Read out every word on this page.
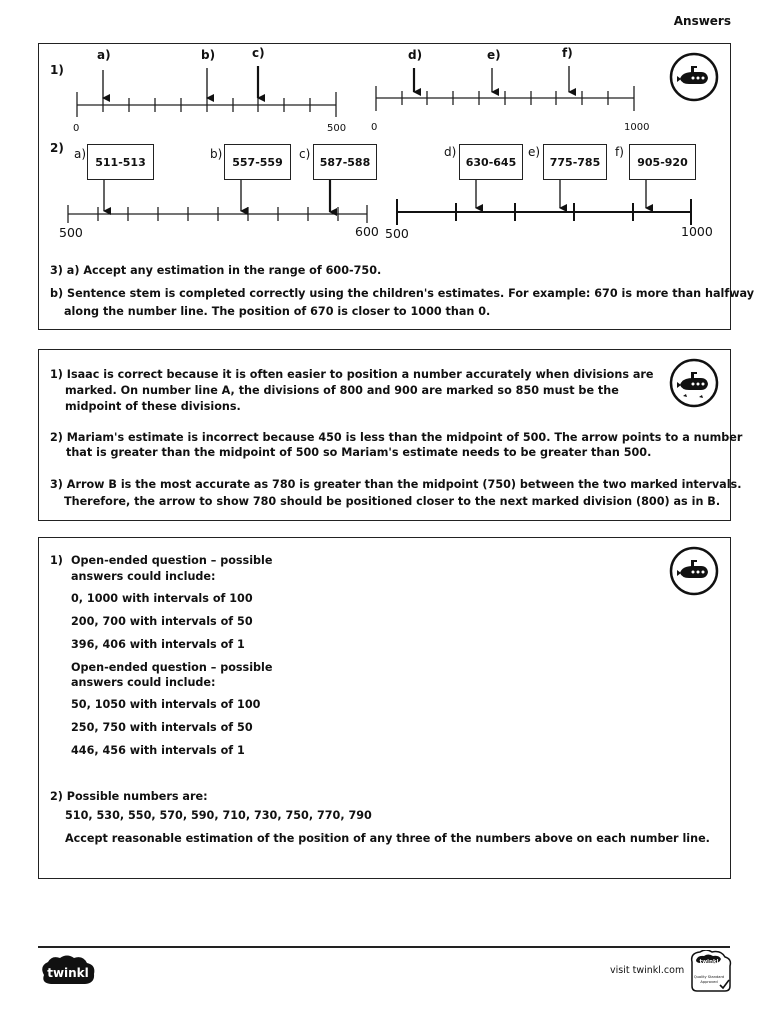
Answers
1)
a)	b)	c)	d)	e)	f)
0	500 0	1000
2) a)
511-513
b)
557-559
c)
587-588
d)
630-645
e)
775-785
f)
905-920
500	600 500	1000
3) a) Accept any estimation in the range of 600-750.
b) Sentence stem is completed correctly using the children's estimates. For example: 670 is more than halfway
along the number line. The position of 670 is closer to 1000 than 0.
1) Isaac is correct because it is often easier to position a number accurately when divisions are
marked. On number line A, the divisions of 800 and 900 are marked so 850 must be the
midpoint of these divisions.
2) Mariam's estimate is incorrect because 450 is less than the midpoint of 500. The arrow points to a number
that is greater than the midpoint of 500 so Mariam's estimate needs to be greater than 500.
3) Arrow B is the most accurate as 780 is greater than the midpoint (750) between the two marked intervals.
Therefore, the arrow to show 780 should be positioned closer to the next marked division (800) as in B.
1) Open-ended question – possible
answers could include:
0, 1000 with intervals of 100
200, 700 with intervals of 50
396, 406 with intervals of 1
Open-ended question – possible
answers could include:
50, 1050 with intervals of 100
250, 750 with intervals of 50
446, 456 with intervals of 1
2) Possible numbers are:
510, 530, 550, 570, 590, 710, 730, 750, 770, 790
Accept reasonable estimation of the position of any three of the numbers above on each number line.
twinkl	visit twinkl.com
twinkl
Quality Standard
Approved
